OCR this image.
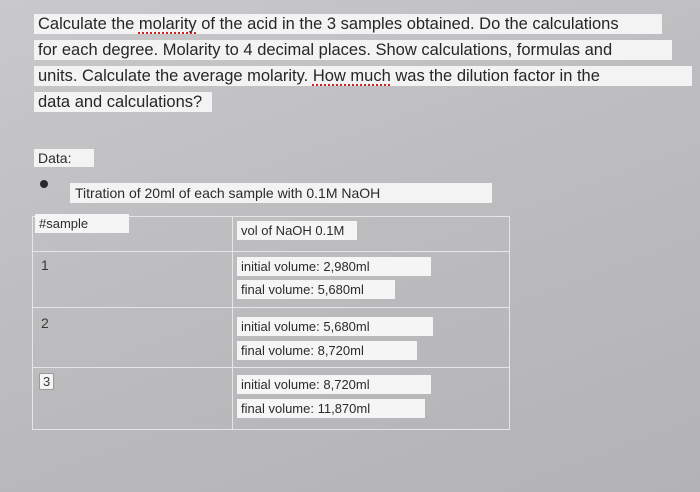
Calculate the molarity of the acid in the 3 samples obtained. Do the calculations
for each degree. Molarity to 4 decimal places. Show calculations, formulas and
units. Calculate the average molarity. How much was the dilution factor in the
data and calculations?
Data:
Titration of 20ml of each sample with 0.1M NaOH
#sample	vol of NaOH 0.1M
1	initial volume: 2,980ml
final volume: 5,680ml
2	initial volume: 5,680ml
final volume: 8,720ml
3	initial volume: 8,720ml
final volume: 11,870ml
